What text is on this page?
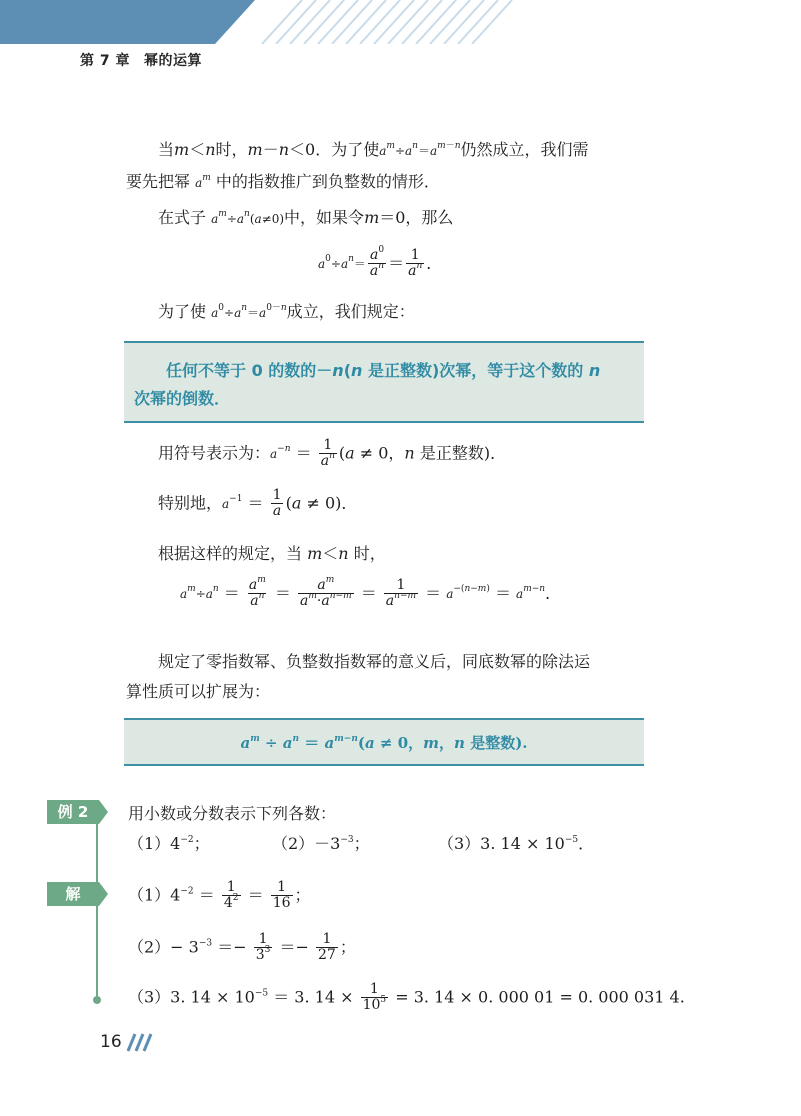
第 7 章 幂的运算
当m＜n时，m－n＜0．为了使$a^m\div a^n=a^{m-n}$仍然成立，我们需
要先把幂 $a^m$ 中的指数推广到负整数的情形．
在式子 $a^m\div a^n(a\ne 0)$中，如果令m＝0，那么
$a^0\div a^n= \frac{a^0}{a^n} = \frac{1}{a^n}$ ．
为了使 $a^0\div a^n=a^{0-n}$成立，我们规定：
任何不等于 0 的数的－n(n 是正整数)次幂，等于这个数的 n
次幂的倒数．
用符号表示为：$a^{-n} = \frac{1}{a^n} (a \ne 0$，n 是正整数)．
特别地，$a^{-1} = \frac{1}{a} (a \ne 0)$．
根据这样的规定，当 m＜n 时，
$a^m\div a^n = \frac{a^m}{a^n} = \frac{a^m}{a^m\cdot a^{n-m}} = \frac{1}{a^{n-m}} = a^{-(n-m)} = a^{m-n}$．
规定了零指数幂、负整数指数幂的意义后，同底数幂的除法运
算性质可以扩展为：
$a^m \div a^n = a^{m-n}(a \ne 0$，m，n 是整数).
例 2	用小数或分数表示下列各数：
$(1)4^{-2}$；	$(2)-3^{-3}$；	（3）3. $14 \times 10^{-5}$．
解	$(1)4^{-2} = \frac{1}{4^2} = \frac{1}{16}$ ；
$(2)- 3^{-3} =- \frac{1}{3^3} =- \frac{1}{27}$ ；
（3）3. $14 \times 10^{-5} = 3$. $14 \times \frac{1}{10^5} = 3$. 14 × 0. 000 01 = 0. 000 031 4.
16
